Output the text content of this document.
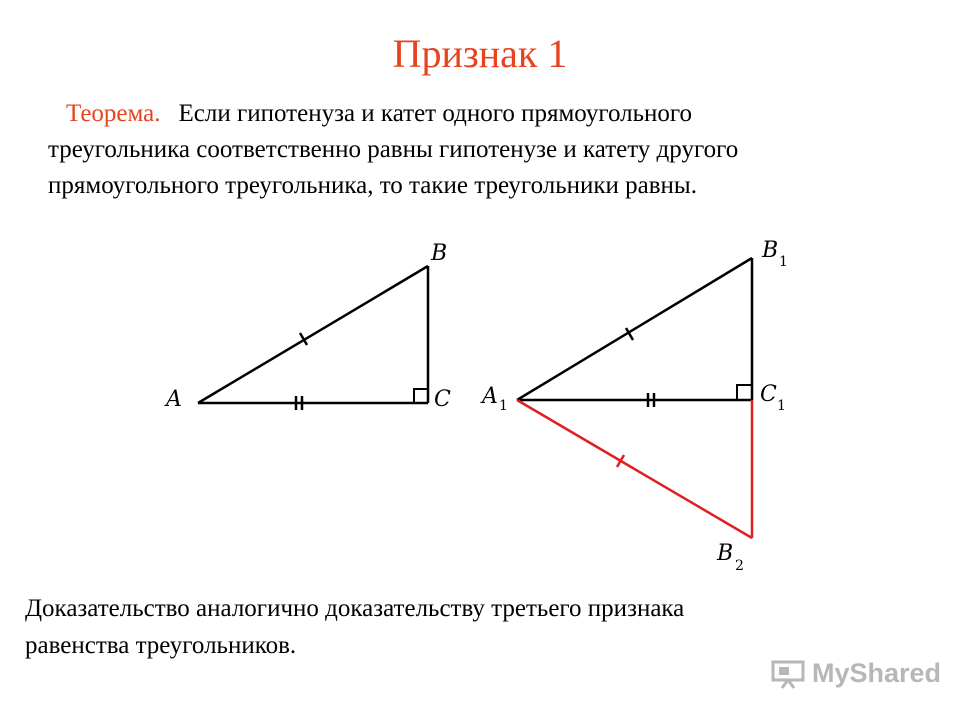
Признак 1
Теорема. Если гипотенуза и катет одного прямоугольного
треугольника соответственно равны гипотенузе и катету другого
прямоугольного треугольника, то такие треугольники равны.
A
B
C A 1
B 1
C 1
B 2
Доказательство аналогично доказательству третьего признака
равенства треугольников.
MyShared
